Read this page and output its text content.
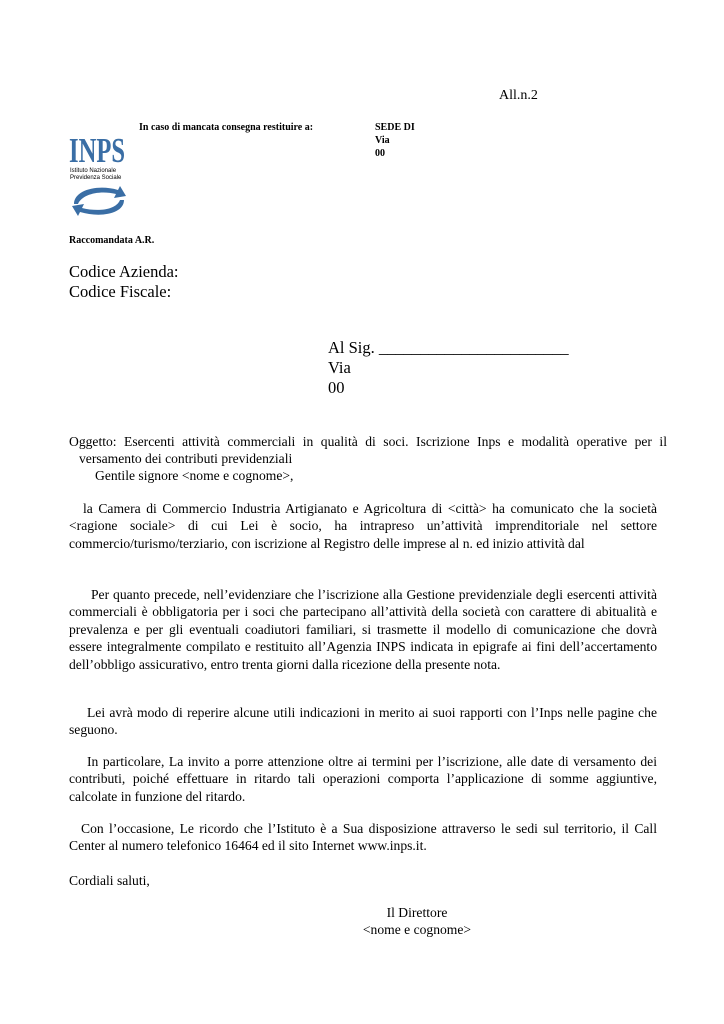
All.n.2
INPS
Istituto Nazionale
Previdenza Sociale
In caso di mancata consegna restituire a:	SEDE DI
Via
00
Raccomandata A.R.
Codice Azienda:
Codice Fiscale:
Al Sig. _______________________
Via
00

Oggetto: Esercenti attività commerciali in qualità di soci. Iscrizione Inps e modalità operative per il versamento dei contributi previdenziali

Gentile signore <nome e cognome>,

la Camera di Commercio Industria Artigianato e Agricoltura di <città> ha comunicato che la società <ragione sociale> di cui Lei è socio, ha intrapreso un’attività imprenditoriale nel settore commercio/turismo/terziario, con iscrizione al Registro delle imprese al n. ed inizio attività dal

Per quanto precede, nell’evidenziare che l’iscrizione alla Gestione previdenziale degli esercenti attività commerciali è obbligatoria per i soci che partecipano all’attività della società con carattere di abitualità e prevalenza e per gli eventuali coadiutori familiari, si trasmette il modello di comunicazione che dovrà essere integralmente compilato e restituito all’Agenzia INPS indicata in epigrafe ai fini dell’accertamento dell’obbligo assicurativo, entro trenta giorni dalla ricezione della presente nota.

Lei avrà modo di reperire alcune utili indicazioni in merito ai suoi rapporti con l’Inps nelle pagine che seguono.

In particolare, La invito a porre attenzione oltre ai termini per l’iscrizione, alle date di versamento dei contributi, poiché effettuare in ritardo tali operazioni comporta l’applicazione di somme aggiuntive, calcolate in funzione del ritardo.

Con l’occasione, Le ricordo che l’Istituto è a Sua disposizione attraverso le sedi sul territorio, il Call Center al numero telefonico 16464 ed il sito Internet www.inps.it.

Cordiali saluti,

Il Direttore
<nome e cognome>
